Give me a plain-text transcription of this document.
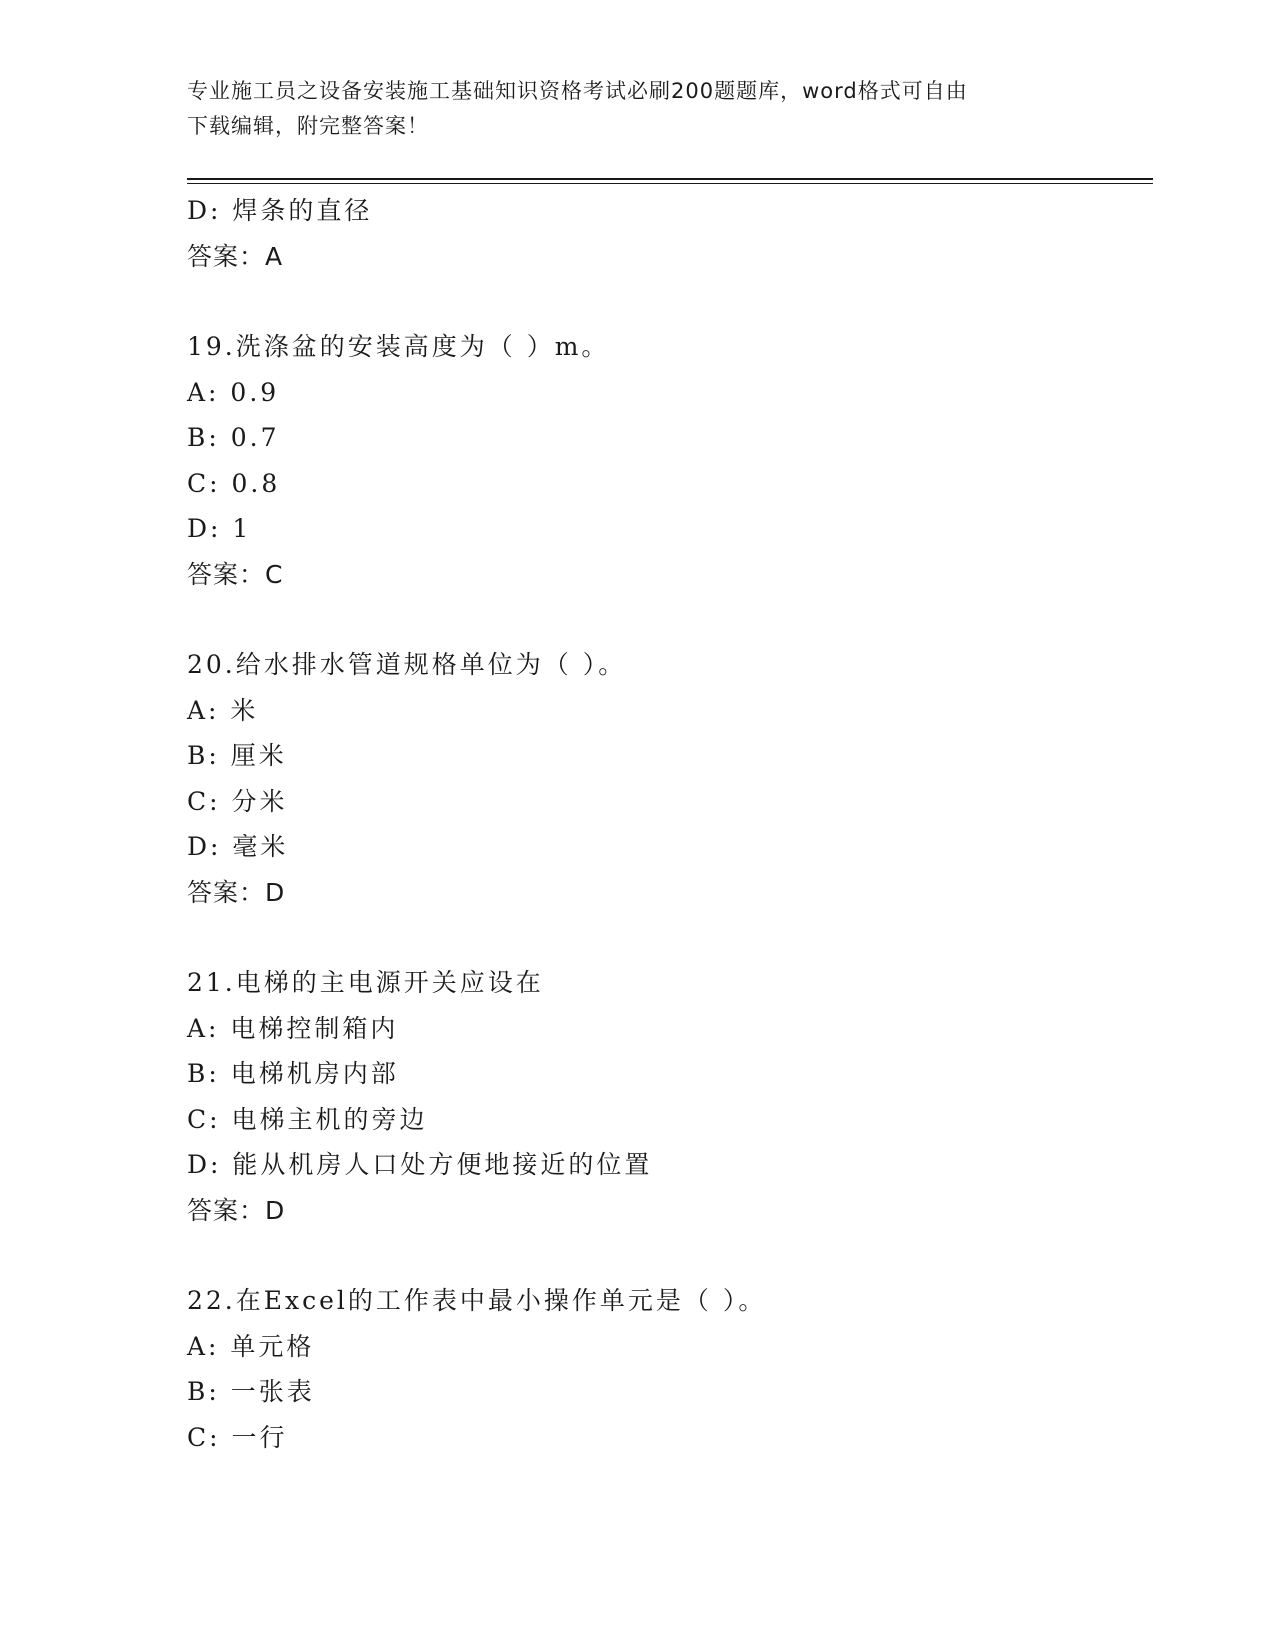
专业施工员之设备安装施工基础知识资格考试必刷200题题库，word格式可自由
下载编辑，附完整答案！
D: 焊条的直径
答案：A
19.洗涤盆的安装高度为（ ）m。
A: 0.9
B: 0.7
C: 0.8
D: 1
答案：C
20.给水排水管道规格单位为（ ）。
A: 米
B: 厘米
C: 分米
D: 毫米
答案：D
21.电梯的主电源开关应设在
A: 电梯控制箱内
B: 电梯机房内部
C: 电梯主机的旁边
D: 能从机房人口处方便地接近的位置
答案：D
22.在Excel的工作表中最小操作单元是（ ）。
A: 单元格
B: 一张表
C: 一行
